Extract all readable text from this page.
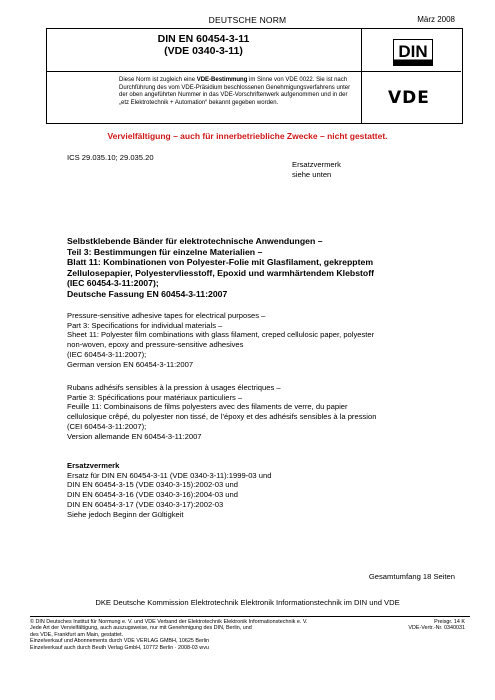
DEUTSCHE NORM	März 2008
DIN EN 60454-3-11
(VDE 0340-3-11)
Diese Norm ist zugleich eine VDE-Bestimmung im Sinne von VDE 0022. Sie ist nach Durchführung des vom VDE-Präsidium beschlossenen Genehmigungsverfahrens unter der oben angeführten Nummer in das VDE-Vorschriftenwerk aufgenommen und in der „etz Elektrotechnik + Automation“ bekannt gegeben worden.
DIN
VDE
Vervielfältigung – auch für innerbetriebliche Zwecke – nicht gestattet.
ICS 29.035.10; 29.035.20
Ersatzvermerk
siehe unten
Selbstklebende Bänder für elektrotechnische Anwendungen –
Teil 3: Bestimmungen für einzelne Materialien –
Blatt 11: Kombinationen von Polyester-Folie mit Glasfilament, gekrepptem
Zellulosepapier, Polyestervliesstoff, Epoxid und warmhärtendem Klebstoff
(IEC 60454-3-11:2007);
Deutsche Fassung EN 60454-3-11:2007
Pressure-sensitive adhesive tapes for electrical purposes –
Part 3: Specifications for individual materials –
Sheet 11: Polyester film combinations with glass filament, creped cellulosic paper, polyester
non-woven, epoxy and pressure-sensitive adhesives
(IEC 60454-3-11:2007);
German version EN 60454-3-11:2007
Rubans adhésifs sensibles à la pression à usages électriques –
Partie 3: Spécifications pour matériaux particuliers –
Feuille 11: Combinaisons de films polyesters avec des filaments de verre, du papier
cellulosique crêpé, du polyester non tissé, de l’époxy et des adhésifs sensibles à la pression
(CEI 60454-3-11:2007);
Version allemande EN 60454-3-11:2007
Ersatzvermerk
Ersatz für DIN EN 60454-3-11 (VDE 0340-3-11):1999-03 und
DIN EN 60454-3-15 (VDE 0340-3-15):2002-03 und
DIN EN 60454-3-16 (VDE 0340-3-16):2004-03 und
DIN EN 60454-3-17 (VDE 0340-3-17):2002-03
Siehe jedoch Beginn der Gültigkeit
Gesamtumfang 18 Seiten
DKE Deutsche Kommission Elektrotechnik Elektronik Informationstechnik im DIN und VDE
© DIN Deutsches Institut für Normung e. V. und VDE Verband der Elektrotechnik Elektronik Informationstechnik e. V.
Jede Art der Vervielfältigung, auch auszugsweise, nur mit Genehmigung des DIN, Berlin, und
des VDE, Frankfurt am Main, gestattet.
Einzelverkauf und Abonnements durch VDE VERLAG GMBH, 10625 Berlin
Einzelverkauf auch durch Beuth Verlag GmbH, 10772 Berlin · 2008-03 wvu
Preisgr. 14 K
VDE-Vertr.-Nr. 0340031
